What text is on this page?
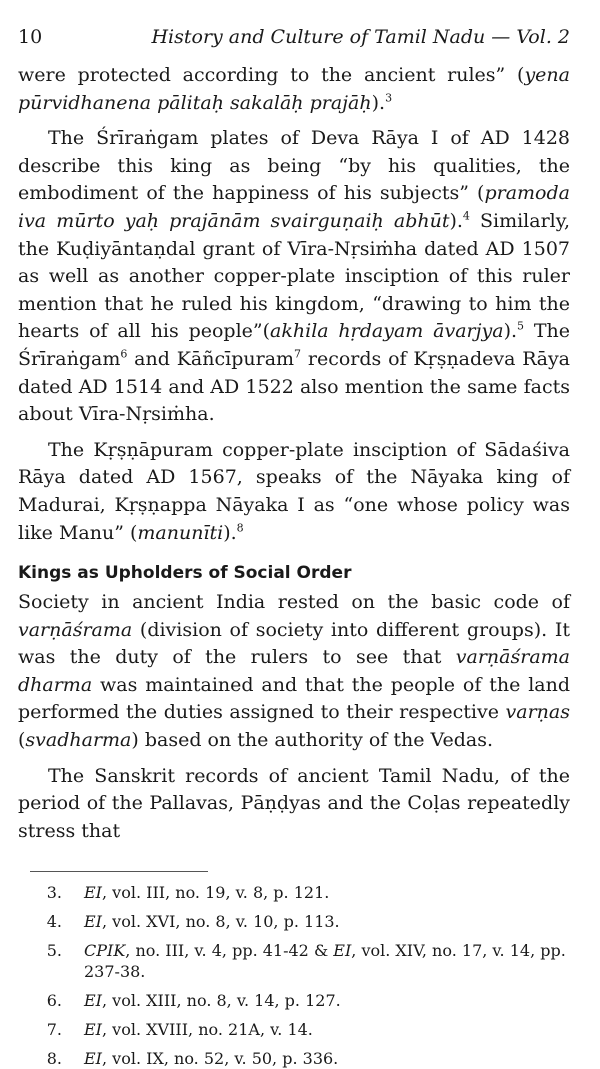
10	History and Culture of Tamil Nadu — Vol. 2

were protected according to the ancient rules” (yena pūrvidhanena pālitaḥ sakalāḥ prajāḥ).$^3$

The Śrīraṅgam plates of Deva Rāya I of AD 1428 describe this king as being “by his qualities, the embodiment of the happiness of his subjects” (pramoda iva mūrto yaḥ prajānām svairguṇaiḥ abhūt).$^4$ Similarly, the Kuḍiyāntaṇdal grant of Vīra-Nṛsiṁha dated AD 1507 as well as another copper-plate insciption of this ruler mention that he ruled his kingdom, “drawing to him the hearts of all his people”(akhila hṛdayam āvarjya).$^5$ The Śrīraṅgam$^6$ and Kāñcīpuram$^7$ records of Kṛṣṇadeva Rāya dated AD 1514 and AD 1522 also mention the same facts about Vīra-Nṛsiṁha.

The Kṛṣṇāpuram copper-plate insciption of Sādaśiva Rāya dated AD 1567, speaks of the Nāyaka king of Madurai, Kṛṣṇappa Nāyaka I as “one whose policy was like Manu” (manunīti).$^8$

Kings as Upholders of Social Order

Society in ancient India rested on the basic code of varṇāśrama (division of society into different groups). It was the duty of the rulers to see that varṇāśrama dharma was maintained and that the people of the land performed the duties assigned to their respective varṇas (svadharma) based on the authority of the Vedas.

The Sanskrit records of ancient Tamil Nadu, of the period of the Pallavas, Pāṇḍyas and the Coḷas repeatedly stress that

3.	EI, vol. III, no. 19, v. 8, p. 121.
4.	EI, vol. XVI, no. 8, v. 10, p. 113.
5.	CPIK, no. III, v. 4, pp. 41-42 & EI, vol. XIV, no. 17, v. 14, pp. 237-38.
6.	EI, vol. XIII, no. 8, v. 14, p. 127.
7.	EI, vol. XVIII, no. 21A, v. 14.
8.	EI, vol. IX, no. 52, v. 50, p. 336.
